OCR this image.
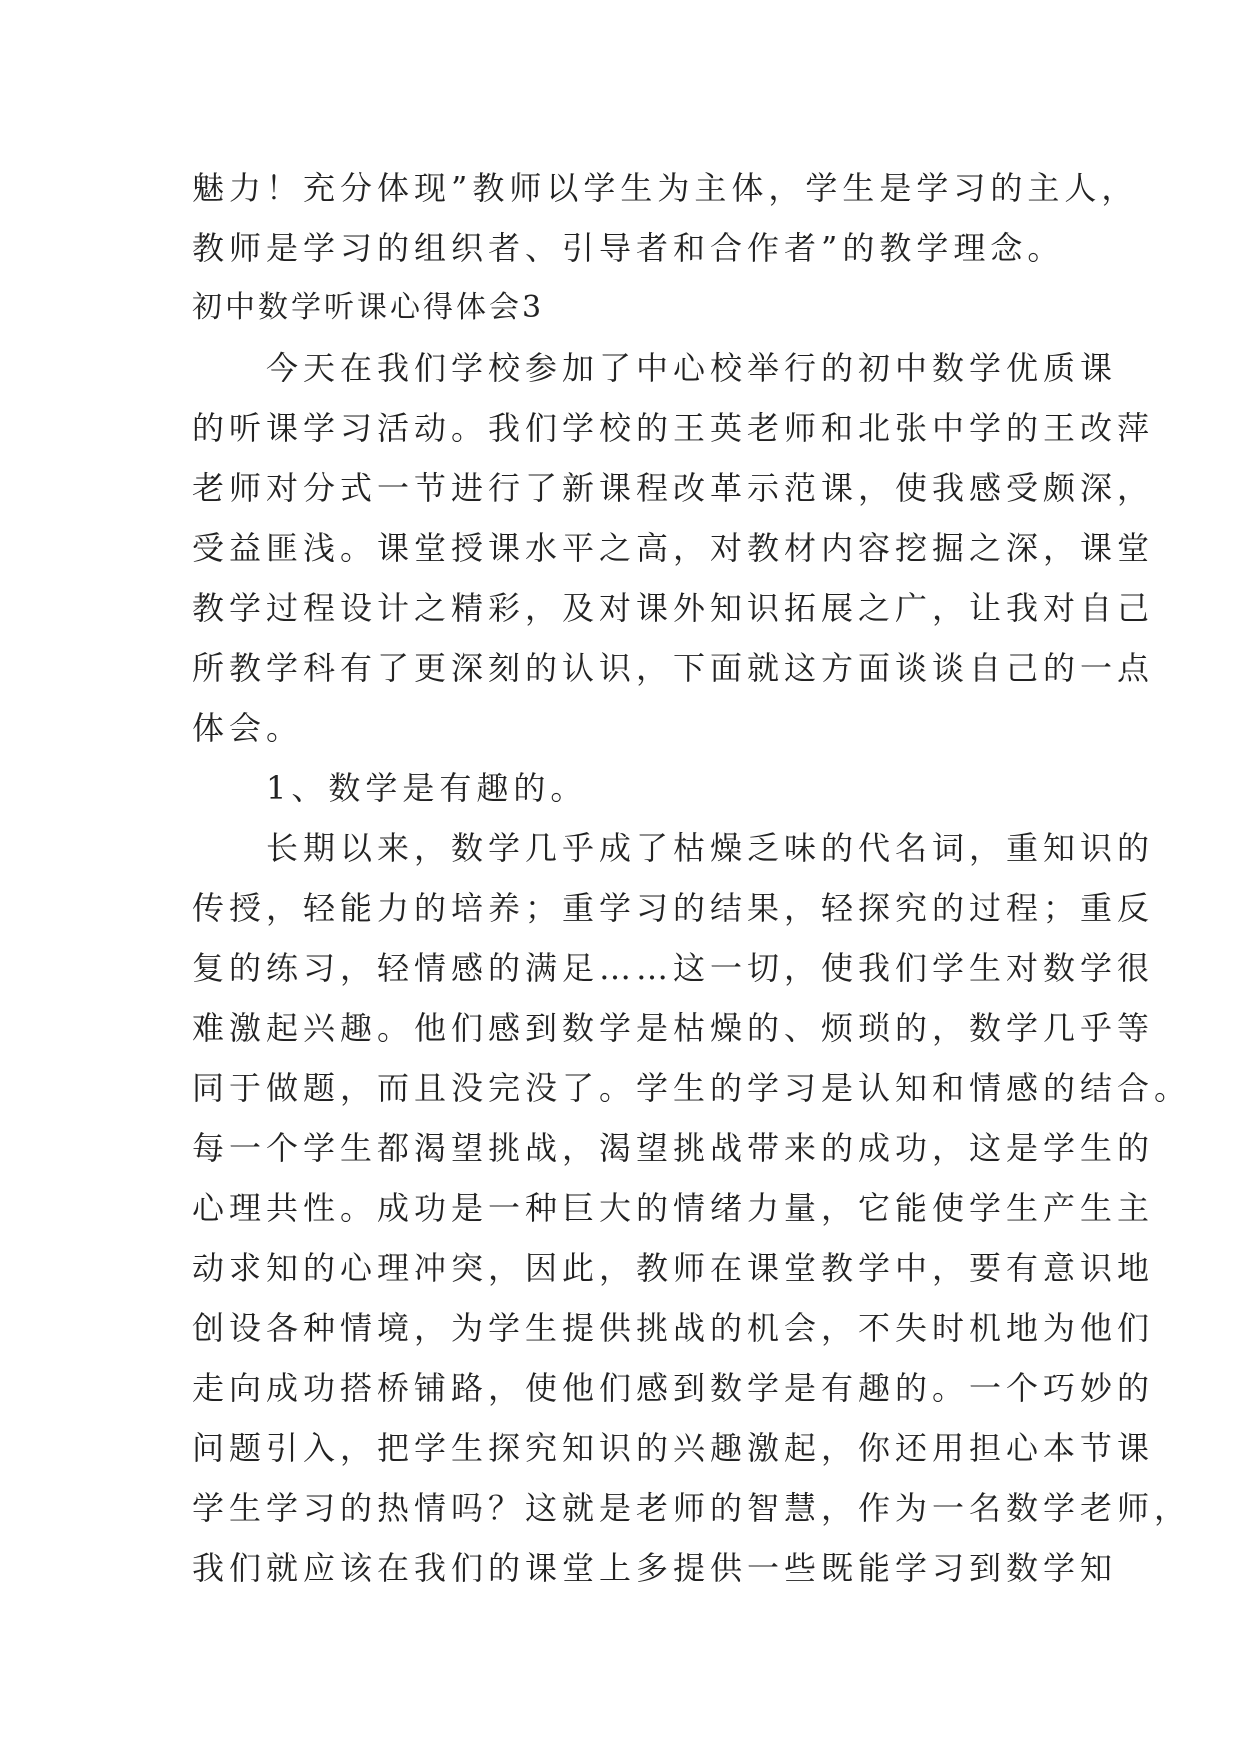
魅力！充分体现”教师以学生为主体，学生是学习的主人，
教师是学习的组织者、引导者和合作者”的教学理念。
初中数学听课心得体会3
　　今天在我们学校参加了中心校举行的初中数学优质课
的听课学习活动。我们学校的王英老师和北张中学的王改萍
老师对分式一节进行了新课程改革示范课，使我感受颇深，
受益匪浅。课堂授课水平之高，对教材内容挖掘之深，课堂
教学过程设计之精彩，及对课外知识拓展之广，让我对自己
所教学科有了更深刻的认识，下面就这方面谈谈自己的一点
体会。
　　1、数学是有趣的。
　　长期以来，数学几乎成了枯燥乏味的代名词，重知识的
传授，轻能力的培养；重学习的结果，轻探究的过程；重反
复的练习，轻情感的满足……这一切，使我们学生对数学很
难激起兴趣。他们感到数学是枯燥的、烦琐的，数学几乎等
同于做题，而且没完没了。学生的学习是认知和情感的结合。
每一个学生都渴望挑战，渴望挑战带来的成功，这是学生的
心理共性。成功是一种巨大的情绪力量，它能使学生产生主
动求知的心理冲突，因此，教师在课堂教学中，要有意识地
创设各种情境，为学生提供挑战的机会，不失时机地为他们
走向成功搭桥铺路，使他们感到数学是有趣的。一个巧妙的
问题引入，把学生探究知识的兴趣激起，你还用担心本节课
学生学习的热情吗？这就是老师的智慧，作为一名数学老师，
我们就应该在我们的课堂上多提供一些既能学习到数学知
